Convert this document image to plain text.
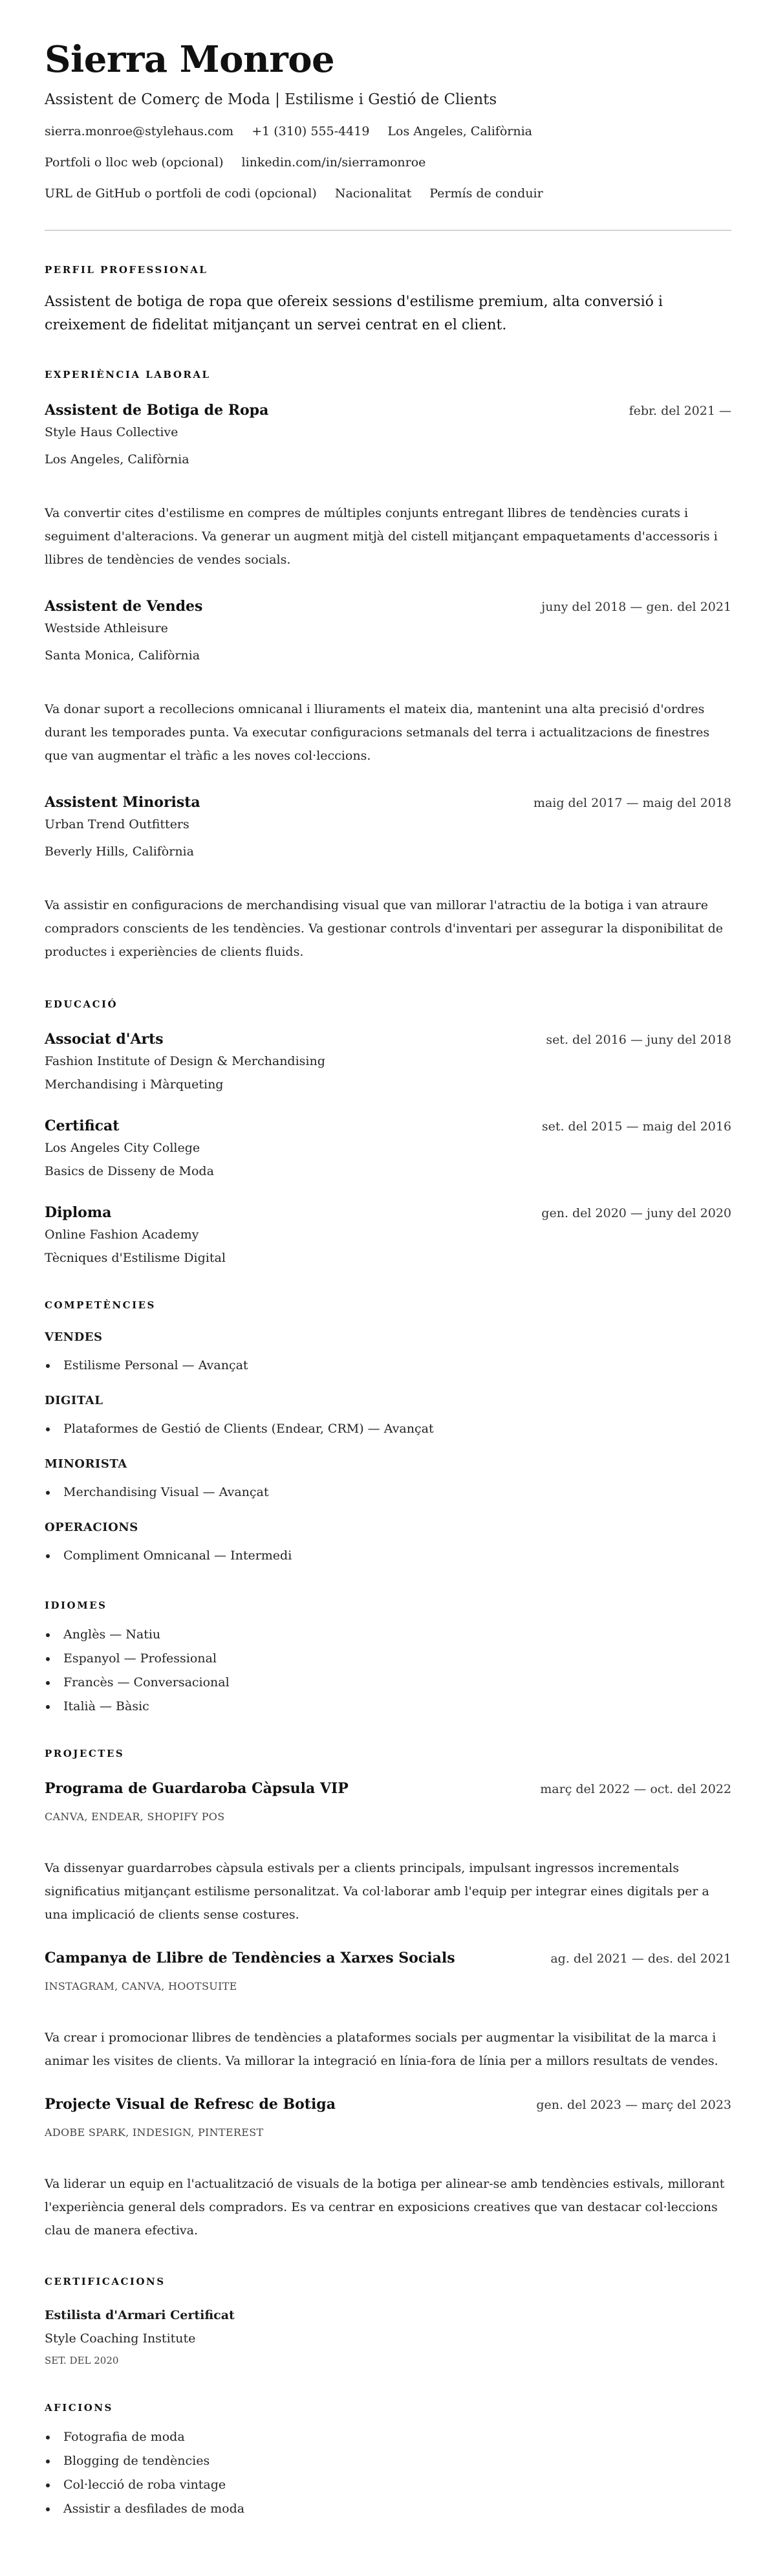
Sierra Monroe
Assistent de Comerç de Moda | Estilisme i Gestió de Clients
sierra.monroe@stylehaus.com +1 (310) 555-4419 Los Angeles, Califòrnia
Portfoli o lloc web (opcional) linkedin.com/in/sierramonroe
URL de GitHub o portfoli de codi (opcional) Nacionalitat Permís de conduir
PERFIL PROFESSIONAL
Assistent de botiga de ropa que ofereix sessions d'estilisme premium, alta conversió i creixement de fidelitat mitjançant un servei centrat en el client.
EXPERIÈNCIA LABORAL
Assistent de Botiga de Ropa	febr. del 2021 —
Style Haus Collective
Los Angeles, Califòrnia
Va convertir cites d'estilisme en compres de múltiples conjunts entregant llibres de tendències curats i seguiment d'alteracions. Va generar un augment mitjà del cistell mitjançant empaquetaments d'accessoris i llibres de tendències de vendes socials.
Assistent de Vendes	juny del 2018 — gen. del 2021
Westside Athleisure
Santa Monica, Califòrnia
Va donar suport a recollecions omnicanal i lliuraments el mateix dia, mantenint una alta precisió d'ordres durant les temporades punta. Va executar configuracions setmanals del terra i actualitzacions de finestres que van augmentar el tràfic a les noves col·leccions.
Assistent Minorista	maig del 2017 — maig del 2018
Urban Trend Outfitters
Beverly Hills, Califòrnia
Va assistir en configuracions de merchandising visual que van millorar l'atractiu de la botiga i van atraure compradors conscients de les tendències. Va gestionar controls d'inventari per assegurar la disponibilitat de productes i experiències de clients fluids.
EDUCACIÓ
Associat d'Arts	set. del 2016 — juny del 2018
Fashion Institute of Design & Merchandising
Merchandising i Màrqueting
Certificat	set. del 2015 — maig del 2016
Los Angeles City College
Basics de Disseny de Moda
Diploma	gen. del 2020 — juny del 2020
Online Fashion Academy
Tècniques d'Estilisme Digital
COMPETÈNCIES
VENDES
Estilisme Personal — Avançat
DIGITAL
Plataformes de Gestió de Clients (Endear, CRM) — Avançat
MINORISTA
Merchandising Visual — Avançat
OPERACIONS
Compliment Omnicanal — Intermedi
IDIOMES
Anglès — Natiu
Espanyol — Professional
Francès — Conversacional
Italià — Bàsic
PROJECTES
Programa de Guardaroba Càpsula VIP	març del 2022 — oct. del 2022
CANVA, ENDEAR, SHOPIFY POS
Va dissenyar guardarrobes càpsula estivals per a clients principals, impulsant ingressos incrementals significatius mitjançant estilisme personalitzat. Va col·laborar amb l'equip per integrar eines digitals per a una implicació de clients sense costures.
Campanya de Llibre de Tendències a Xarxes Socials	ag. del 2021 — des. del 2021
INSTAGRAM, CANVA, HOOTSUITE
Va crear i promocionar llibres de tendències a plataformes socials per augmentar la visibilitat de la marca i animar les visites de clients. Va millorar la integració en línia-fora de línia per a millors resultats de vendes.
Projecte Visual de Refresc de Botiga	gen. del 2023 — març del 2023
ADOBE SPARK, INDESIGN, PINTEREST
Va liderar un equip en l'actualització de visuals de la botiga per alinear-se amb tendències estivals, millorant l'experiència general dels compradors. Es va centrar en exposicions creatives que van destacar col·leccions clau de manera efectiva.
CERTIFICACIONS
Estilista d'Armari Certificat
Style Coaching Institute
SET. DEL 2020
AFICIONS
Fotografia de moda
Blogging de tendències
Col·lecció de roba vintage
Assistir a desfilades de moda
